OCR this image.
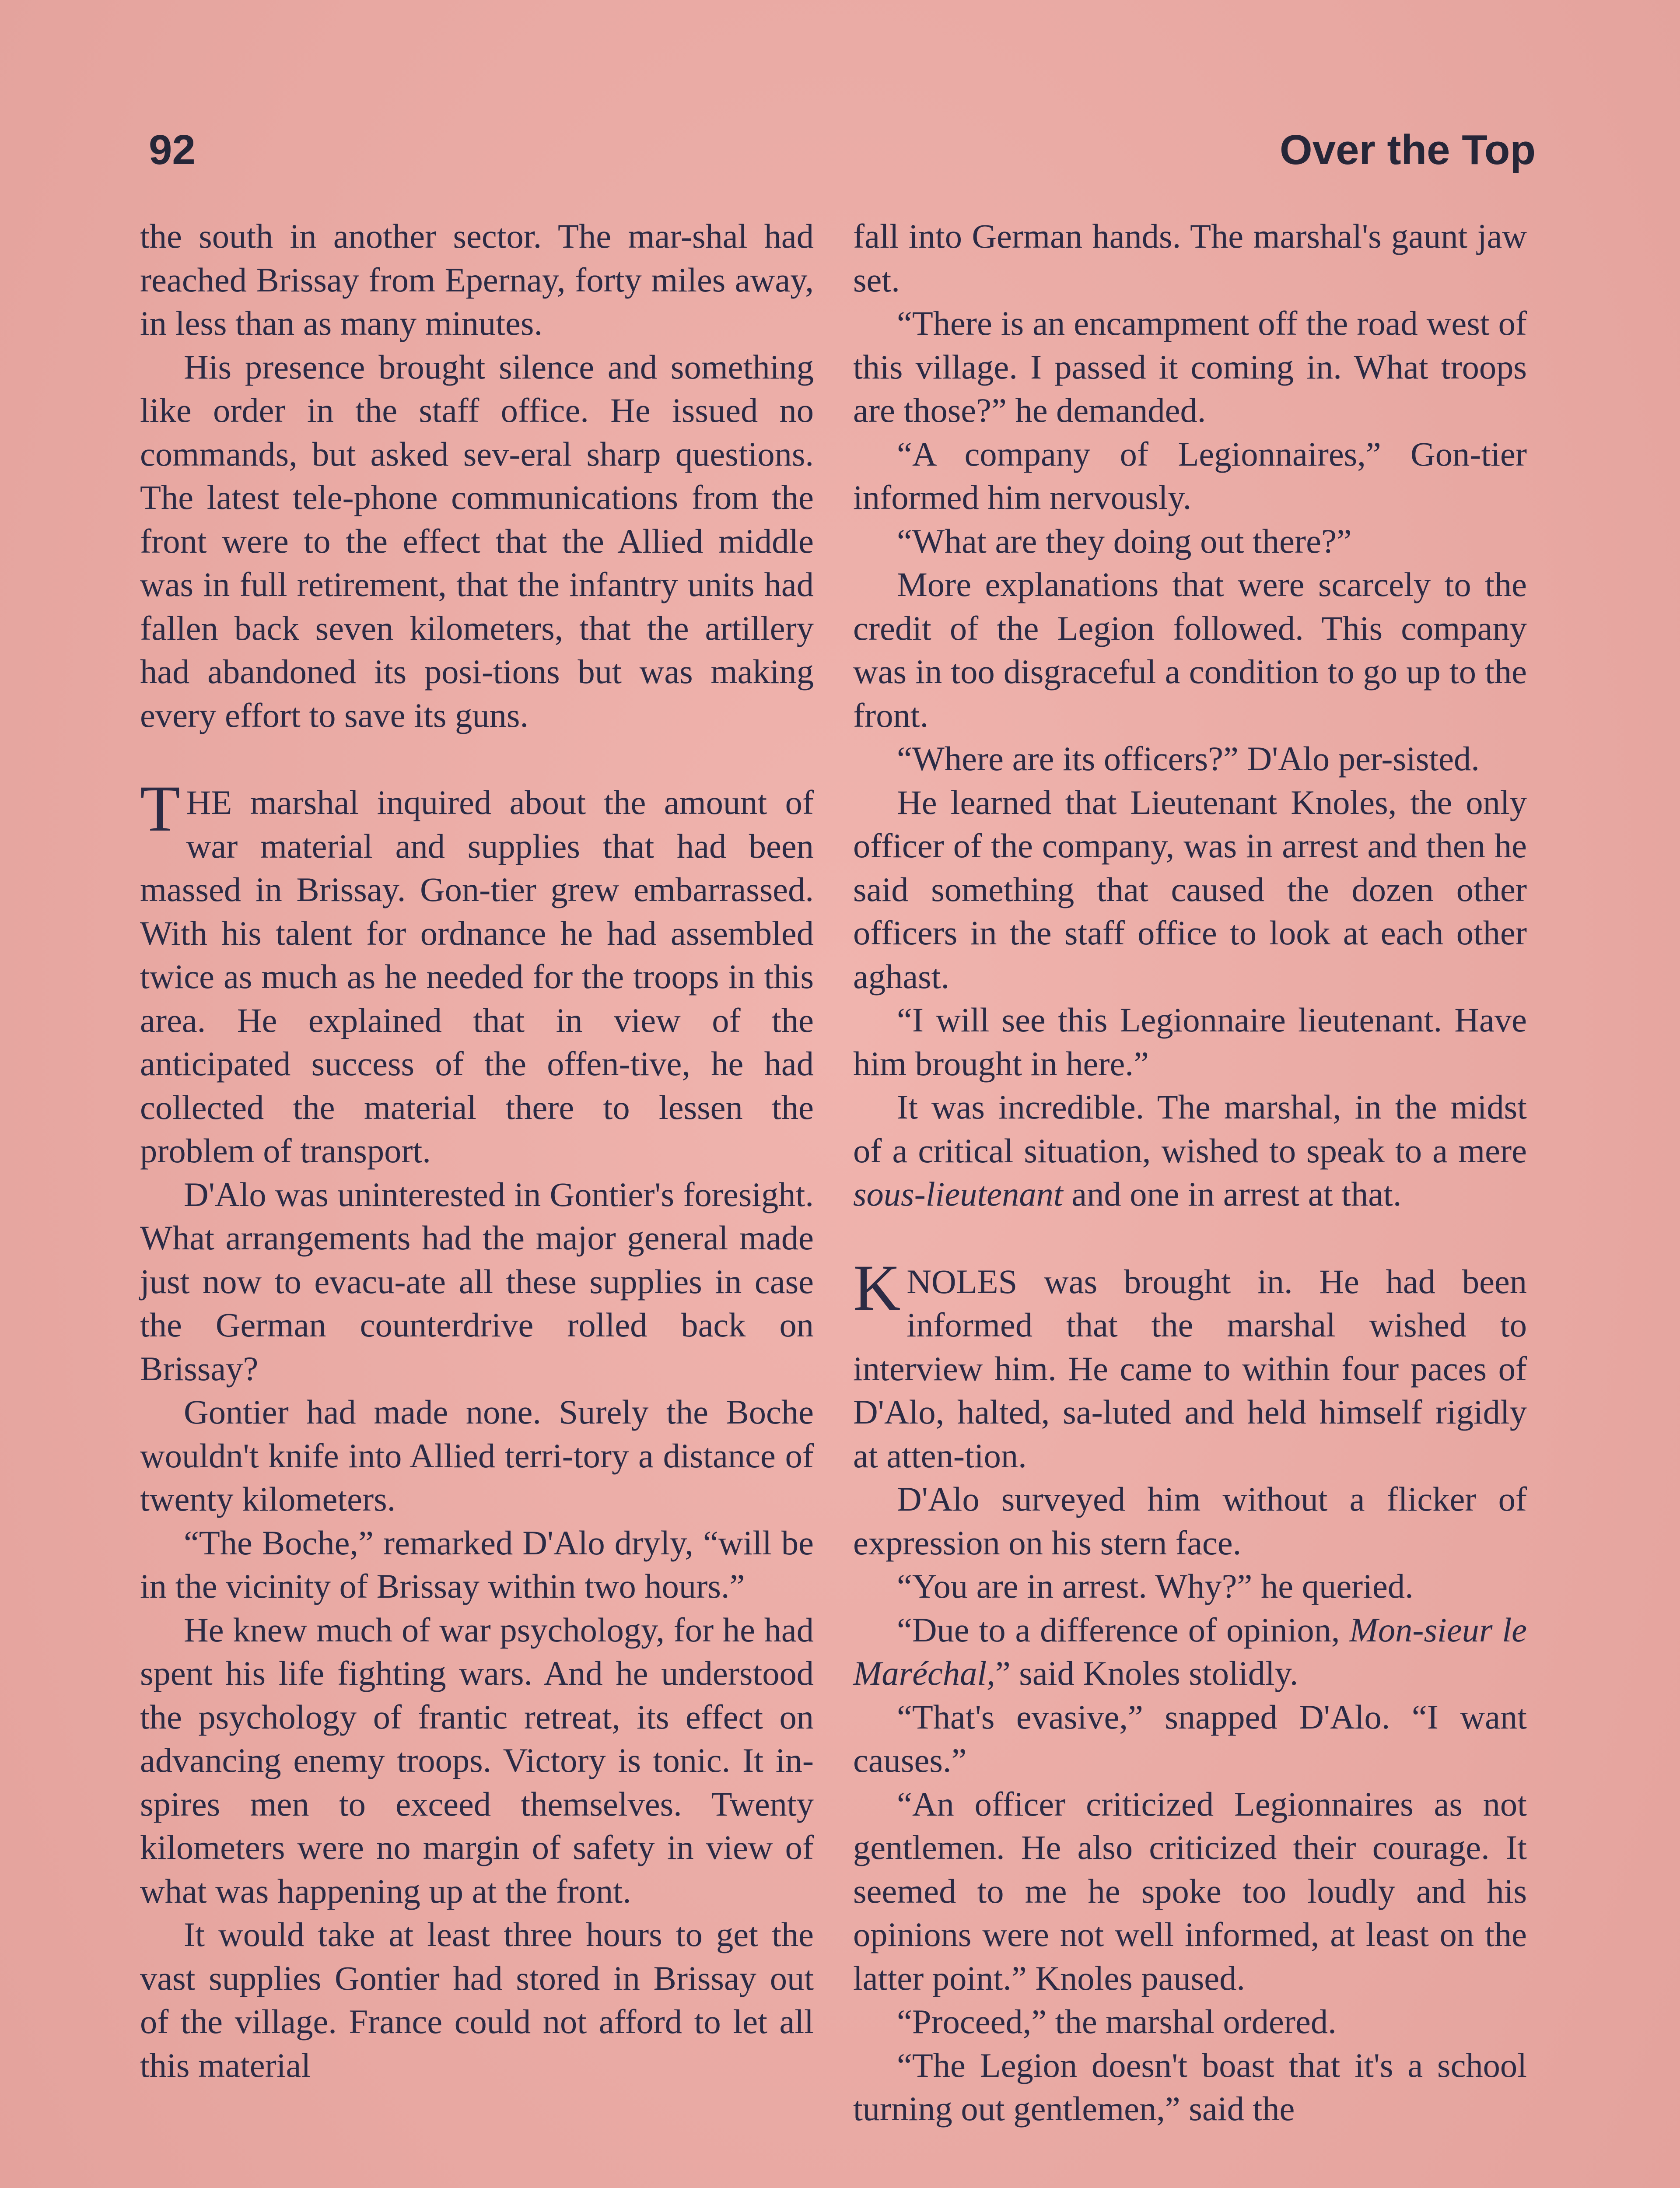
92	Over the Top

the south in another sector. The mar-shal had reached Brissay from Epernay, forty miles away, in less than as many minutes.

His presence brought silence and something like order in the staff office. He issued no commands, but asked sev-eral sharp questions. The latest tele-phone communications from the front were to the effect that the Allied middle was in full retirement, that the infantry units had fallen back seven kilometers, that the artillery had abandoned its posi-tions but was making every effort to save its guns.

THE marshal inquired about the amount of war material and supplies that had been massed in Brissay. Gon-tier grew embarrassed. With his talent for ordnance he had assembled twice as much as he needed for the troops in this area. He explained that in view of the anticipated success of the offen-tive, he had collected the material there to lessen the problem of transport.

D'Alo was uninterested in Gontier's foresight. What arrangements had the major general made just now to evacu-ate all these supplies in case the German counterdrive rolled back on Brissay?

Gontier had made none. Surely the Boche wouldn't knife into Allied terri-tory a distance of twenty kilometers.

“The Boche,” remarked D'Alo dryly, “will be in the vicinity of Brissay within two hours.”

He knew much of war psychology, for he had spent his life fighting wars. And he understood the psychology of frantic retreat, its effect on advancing enemy troops. Victory is tonic. It in-spires men to exceed themselves. Twenty kilometers were no margin of safety in view of what was happening up at the front.

It would take at least three hours to get the vast supplies Gontier had stored in Brissay out of the village. France could not afford to let all this material

fall into German hands. The marshal's gaunt jaw set.

“There is an encampment off the road west of this village. I passed it coming in. What troops are those?” he demanded.

“A company of Legionnaires,” Gon-tier informed him nervously.

“What are they doing out there?”

More explanations that were scarcely to the credit of the Legion followed. This company was in too disgraceful a condition to go up to the front.

“Where are its officers?” D'Alo per-sisted.

He learned that Lieutenant Knoles, the only officer of the company, was in arrest and then he said something that caused the dozen other officers in the staff office to look at each other aghast.

“I will see this Legionnaire lieutenant. Have him brought in here.”

It was incredible. The marshal, in the midst of a critical situation, wished to speak to a mere sous-lieutenant and one in arrest at that.

KNOLES was brought in. He had been informed that the marshal wished to interview him. He came to within four paces of D'Alo, halted, sa-luted and held himself rigidly at atten-tion.

D'Alo surveyed him without a flicker of expression on his stern face.

“You are in arrest. Why?” he queried.

“Due to a difference of opinion, Mon-sieur le Maréchal,” said Knoles stolidly.

“That's evasive,” snapped D'Alo. “I want causes.”

“An officer criticized Legionnaires as not gentlemen. He also criticized their courage. It seemed to me he spoke too loudly and his opinions were not well informed, at least on the latter point.” Knoles paused.

“Proceed,” the marshal ordered.

“The Legion doesn't boast that it's a school turning out gentlemen,” said the
